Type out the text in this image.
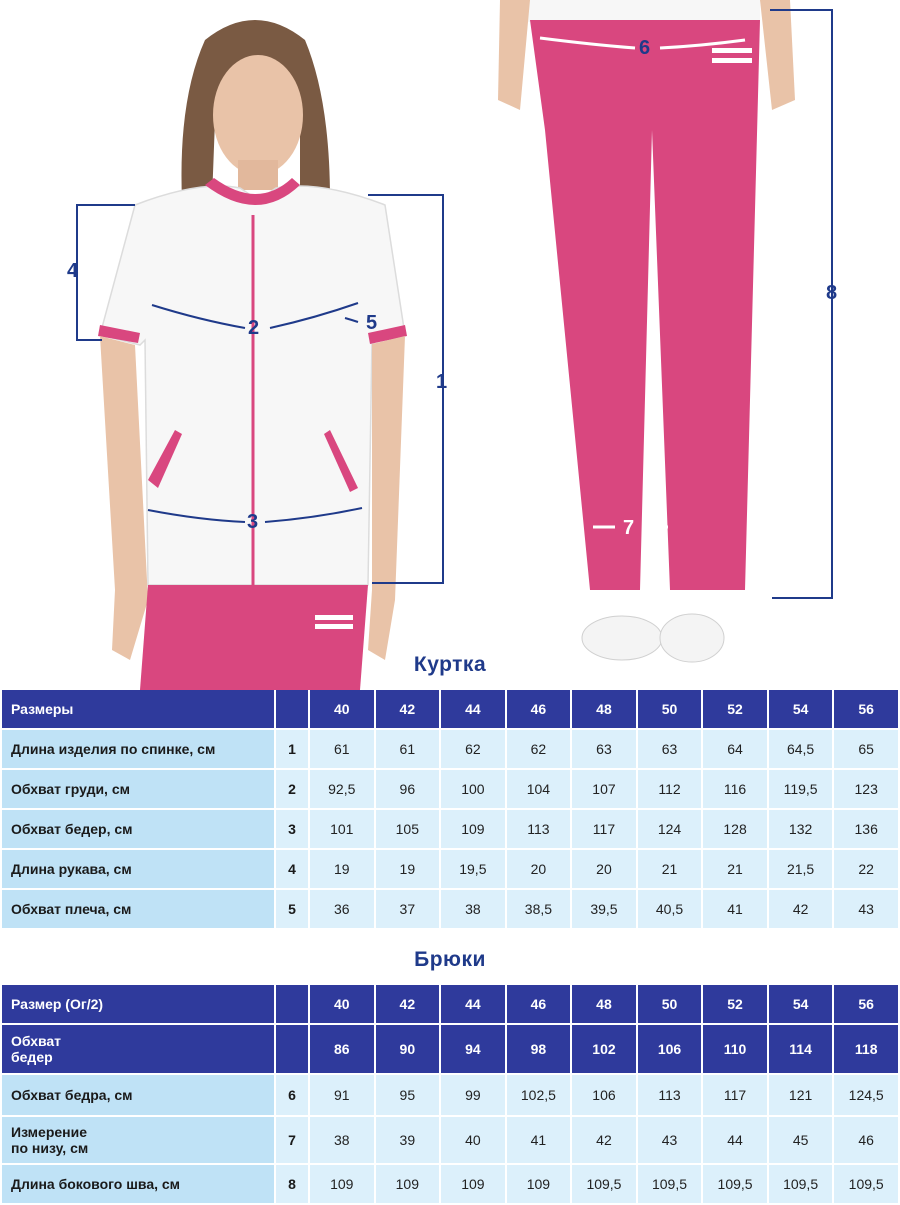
1
2
3
4
5
6
7
8
Куртка
Размеры		40	42	44	46	48	50	52	54	56
Длина изделия по спинке, см	1	61	61	62	62	63	63	64	64,5	65
Обхват груди, см	2	92,5	96	100	104	107	112	116	119,5	123
Обхват бедер, см	3	101	105	109	113	117	124	128	132	136
Длина рукава, см	4	19	19	19,5	20	20	21	21	21,5	22
Обхват плеча, см	5	36	37	38	38,5	39,5	40,5	41	42	43
Брюки
Размер (Ог/2)		40	42	44	46	48	50	52	54	56
Обхват
бедер		86	90	94	98	102	106	110	114	118
Обхват бедра, см	6	91	95	99	102,5	106	113	117	121	124,5
Измерение
по низу, см	7	38	39	40	41	42	43	44	45	46
Длина бокового шва, см	8	109	109	109	109	109,5	109,5	109,5	109,5	109,5
